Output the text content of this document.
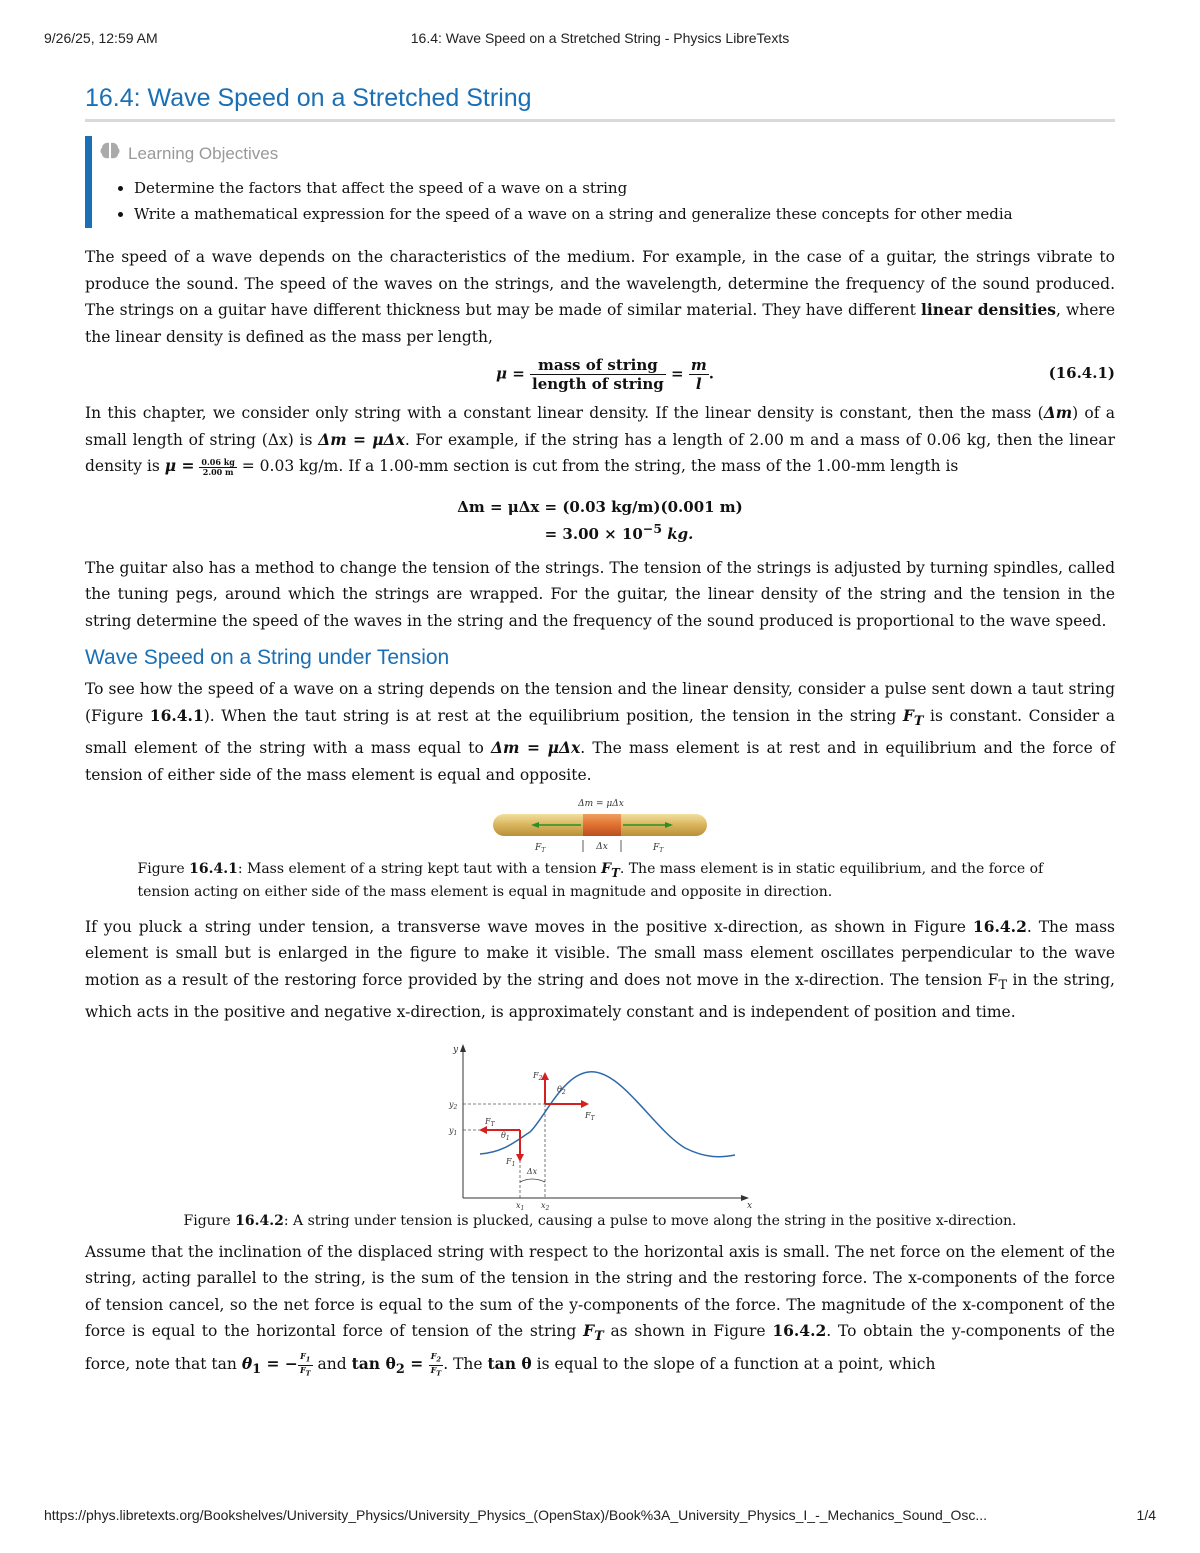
9/26/25, 12:59 AM	16.4: Wave Speed on a Stretched String - Physics LibreTexts
16.4: Wave Speed on a Stretched String
Learning Objectives
• Determine the factors that affect the speed of a wave on a string
• Write a mathematical expression for the speed of a wave on a string and generalize these concepts for other media

The speed of a wave depends on the characteristics of the medium. For example, in the case of a guitar, the strings vibrate to produce the sound. The speed of the waves on the strings, and the wavelength, determine the frequency of the sound produced. The strings on a guitar have different thickness but may be made of similar material. They have different linear densities, where the linear density is defined as the mass per length,

$\mu = \frac{\text{mass of string}}{\text{length of string}} = \frac{m}{l}$ .	(16.4.1)

In this chapter, we consider only string with a constant linear density. If the linear density is constant, then the mass (Δm) of a small length of string (Δx) is Δm = μΔx. For example, if the string has a length of 2.00 m and a mass of 0.06 kg, then the linear density is $\mu = \frac{0.06 kg}{2.00 m} = 0.03$ kg/m. If a 1.00-mm section is cut from the string, the mass of the 1.00-mm length is

Δm = μΔx = (0.03 kg/m)(0.001 m)
= $3.00 \times 10^{-5}$ kg.

The guitar also has a method to change the tension of the strings. The tension of the strings is adjusted by turning spindles, called the tuning pegs, around which the strings are wrapped. For the guitar, the linear density of the string and the tension in the string determine the speed of the waves in the string and the frequency of the sound produced is proportional to the wave speed.

Wave Speed on a String under Tension

To see how the speed of a wave on a string depends on the tension and the linear density, consider a pulse sent down a taut string (Figure 16.4.1). When the taut string is at rest at the equilibrium position, the tension in the string $F_T$ is constant. Consider a small element of the string with a mass equal to Δm = μΔx. The mass element is at rest and in equilibrium and the force of tension of either side of the mass element is equal and opposite.

Δm = μΔx
$F_T$	$F_T$
Δx
Figure 16.4.1: Mass element of a string kept taut with a tension $F_T$. The mass element is in static equilibrium, and the force of tension acting on either side of the mass element is equal in magnitude and opposite in direction.

If you pluck a string under tension, a transverse wave moves in the positive x-direction, as shown in Figure 16.4.2. The mass element is small but is enlarged in the figure to make it visible. The small mass element oscillates perpendicular to the wave motion as a result of the restoring force provided by the string and does not move in the x-direction. The tension $F_T$ in the string, which acts in the positive and negative x-direction, is approximately constant and is independent of position and time.

y
x
$y_2$
$y_1$
$x_1$ $x_2$
$F_T$
$F_T$
$F_1$
$F_2$
$\theta_1$
$\theta_2$
Δx
Figure 16.4.2: A string under tension is plucked, causing a pulse to move along the string in the positive x-direction.

Assume that the inclination of the displaced string with respect to the horizontal axis is small. The net force on the element of the string, acting parallel to the string, is the sum of the tension in the string and the restoring force. The x-components of the force of tension cancel, so the net force is equal to the sum of the y-components of the force. The magnitude of the x-component of the force is equal to the horizontal force of tension of the string $F_T$ as shown in Figure 16.4.2. To obtain the y-components of the force, note that $\tan \theta_1$ = − $\frac{F_1}{F_T}$ and $\tan \theta_2 = \frac{F_2}{F_T}$ . The tan θ is equal to the slope of a function at a point, which

https://phys.libretexts.org/Bookshelves/University_Physics/University_Physics_(OpenStax)/Book%3A_University_Physics_I_-_Mechanics_Sound_Osc...	1/4
